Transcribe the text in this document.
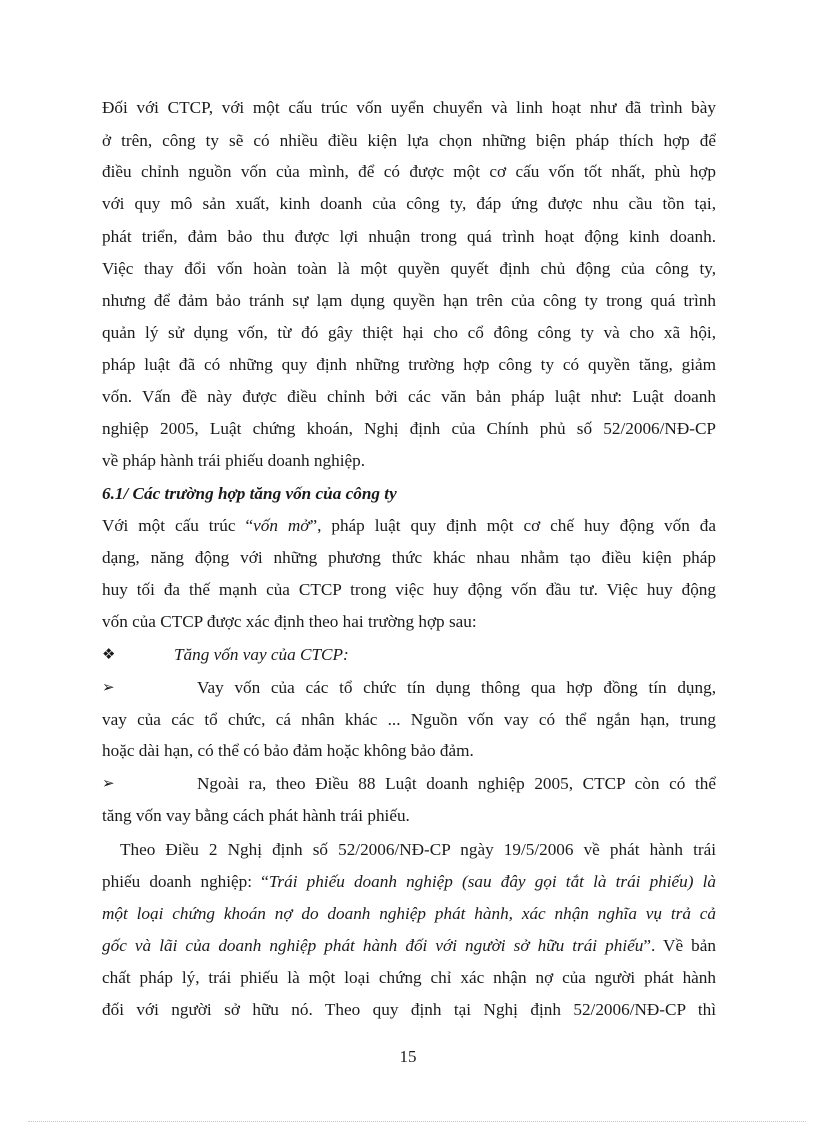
Đối với CTCP, với một cấu trúc vốn uyển chuyển và linh hoạt như đã trình bày
ở trên, công ty sẽ có nhiều điều kiện lựa chọn những biện pháp thích hợp để
điều chỉnh nguồn vốn của mình, để có được một cơ cấu vốn tốt nhất, phù hợp
với quy mô sản xuất, kinh doanh của công ty, đáp ứng được nhu cầu tồn tại,
phát triển, đảm bảo thu được lợi nhuận trong quá trình hoạt động kinh doanh.
Việc thay đổi vốn hoàn toàn là một quyền quyết định chủ động của công ty,
nhưng để đảm bảo tránh sự lạm dụng quyền hạn trên của công ty trong quá trình
quản lý sử dụng vốn, từ đó gây thiệt hại cho cổ đông công ty và cho xã hội,
pháp luật đã có những quy định những trường hợp công ty có quyền tăng, giảm
vốn. Vấn đề này được điều chỉnh bởi các văn bản pháp luật như: Luật doanh
nghiệp 2005, Luật chứng khoán, Nghị định của Chính phủ số 52/2006/NĐ-CP
về pháp hành trái phiếu doanh nghiệp.
6.1/ Các trường hợp tăng vốn của công ty
Với một cấu trúc “vốn mở”, pháp luật quy định một cơ chế huy động vốn đa
dạng, năng động với những phương thức khác nhau nhằm tạo điều kiện pháp
huy tối đa thế mạnh của CTCP trong việc huy động vốn đầu tư. Việc huy động
vốn của CTCP được xác định theo hai trường hợp sau:
❖	Tăng vốn vay của CTCP:
➢	Vay vốn của các tổ chức tín dụng thông qua hợp đồng tín dụng,
vay của các tổ chức, cá nhân khác ... Nguồn vốn vay có thể ngắn hạn, trung
hoặc dài hạn, có thể có bảo đảm hoặc không bảo đảm.
➢	Ngoài ra, theo Điều 88 Luật doanh nghiệp 2005, CTCP còn có thể
tăng vốn vay bằng cách phát hành trái phiếu.
Theo Điều 2 Nghị định số 52/2006/NĐ-CP ngày 19/5/2006 về phát hành trái
phiếu doanh nghiệp: “Trái phiếu doanh nghiệp (sau đây gọi tắt là trái phiếu) là
một loại chứng khoán nợ do doanh nghiệp phát hành, xác nhận nghĩa vụ trả cả
gốc và lãi của doanh nghiệp phát hành đối với người sở hữu trái phiếu”. Về bản
chất pháp lý, trái phiếu là một loại chứng chỉ xác nhận nợ của người phát hành
đối với người sở hữu nó. Theo quy định tại Nghị định 52/2006/NĐ-CP thì
15
